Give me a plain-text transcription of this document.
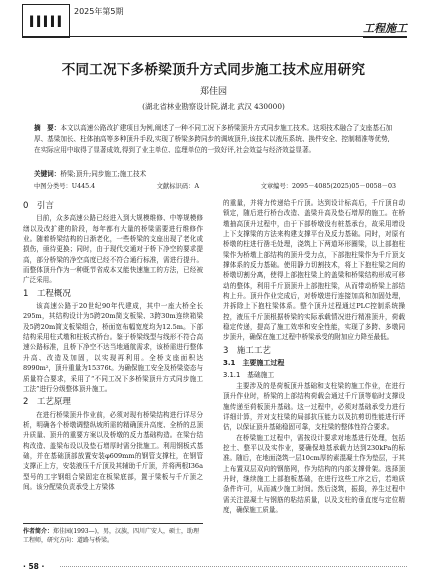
IIIII 2025年第5期
工程施工
不同工况下多桥梁顶升方式同步施工技术应用研究
郑佳园
(湖北省林业勘察设计院,湖北 武汉 430000)
摘　要：本文以高速公路改扩建项目为例,阐述了一种不同工况下多桥梁顶升方式同步施工技术。这项技术融合了支座基石加厚、基梁加长、柱体抽高等多种顶升手段,实现了桥梁多跨同步的调坡顶升,该技术以液压系统、换件安全、控制精准等优势,在实际应用中取得了显著成效,得到了业主单位、监理单位的一致好评,社会效益与经济效益显著。
关键词：桥梁;顶升;同步施工;施工技术
中图分类号：U445.4	文献标识码：A	文章编号：2095－4085(2025)05－0058－03
0　引言

目前，众多高速公路已经进入到大规模维修、中等规模修缮以及改扩建的阶段，每年都有大量的桥梁需要进行维修作业。随着桥梁结构的日渐老化，一些桥梁的支座出现了老化或损伤，亟待更换；同时，由于现代交通对于桥下净空的要求提高，部分桥梁的净空高度已经不符合通行标准，需进行提升。而整体顶升作为一种既节省成本又能快速施工的方法，已经被广泛采用。

1　工程概况

该高速公路于20世纪90年代建成，其中一座大桥全长295m，其结构设计为5跨20m简支板梁、3跨30m连续箱梁及5跨20m简支板梁组合，桥面宽布幅宽度均为12.5m。下部结构采用柱式墩和柱板式桥台。鉴于桥梁线型与线形不符合高速公路标准，且桥下净空不达当地通航需求，该桥需进行整体升高、改造及加固，以实现再利用。全桥支座面积达8990m²，顶升重量为15376t。为确保施工安全及桥梁姿态与质量符合要求，采用了“不同工况下多桥梁顶升方式同步施工工法”进行分级整体顶升施工。

2　工艺原理

在进行桥梁顶升作业前，必须对现有桥梁结构进行详尽分析，明确各个桥墩调整纵坡所需的精确顶升高度、全桥的总顶升质量、顶升的重要方案以及桥墩的反力基础构造。在梁台结构改造、盖梁布设以及垫石增厚时需分批施工。利用钢板式基础，并在基础顶部放置安装φ609mm的钢管支撑柱，在钢管支撑正上方，安装液压千斤顶及其辅助千斤顶，并将两根I36a型号的工字钢组合梁固定在板梁底部，置于梁板与千斤顶之间。该分配梁负责承受上方梁体

的重量，并将力传递给千斤顶。达到设计标高后，千斤顶自动锁定，随后进行桥台改造、盖梁升高及垫石增厚的施工。在桥墩抽高顶升过程中，由于下部桥墩没有桩基承台，故采用增设上下支撑梁的方法来构建支撑平台及反力基础。同时，对原有桥墩的柱进行凿毛处理，浇筑上下两道环形圈梁，以上部抱柱梁作为桥墩上部结构的顶升受力点，下部抱柱梁作为千斤顶支撑体系的反力基础。使用静力切割技术，将上下抱柱梁之间的桥墩切割分离，使得上部抱柱梁上的盖梁和桥梁结构形成可移动的整体，利用千斤顶顶升上部抱柱梁，从而带动桥梁上部结构上升。顶升作业完成后，对桥墩进行连接加高和加固处理，并拆除上下抱柱梁体系。整个顶升过程通过PLC控制系统操控，液压千斤顶根据桥梁的实际承载情况进行精准顶升，荷载稳定传递，提高了施工效率和安全性能，实现了多跨、多墩同步顶升，确保在施工过程中桥梁承受的附加应力降至最低。

3　施工工艺
3.1　主要施工过程
3.1.1　基础施工

主要涉及的是荷板顶升基础和支柱梁的施工作业，在进行顶升作业时，桥梁的上部结构荷载会通过千斤顶等临时支撑设施传递至荷板顶升基础。这一过程中，必须对基础承受力进行详细计算，并对支柱梁的局部抗压能力以及抗剪切性能进行评估，以保证顶升基础稳固可靠，支柱梁的整体性符合要求。

在桥梁施工过程中，需按设计要求对地基进行处理，包括挖土、整平以及实作业，要确保地基承载力达到230kPa的标准。随后，在地面浇筑一层10cm厚的素混凝土作为垫层，于其上布置双层双向的钢筋网，作为结构的内部支撑骨架。选择顶升时，继续施工上部抱板基础，在进行这些工序之后，若地质条件许可，从而减少施工时间。然后浇筑，振捣，养生过程中需关注混凝土与钢筋的粘结质量，以及支柱的垂直度与定位精度，确保施工质量。

作者简介：郑佳园(1993—)，男，汉族，四川广安人，硕士，助理工程师，研究方向：道路与桥梁。
· 58 ·
